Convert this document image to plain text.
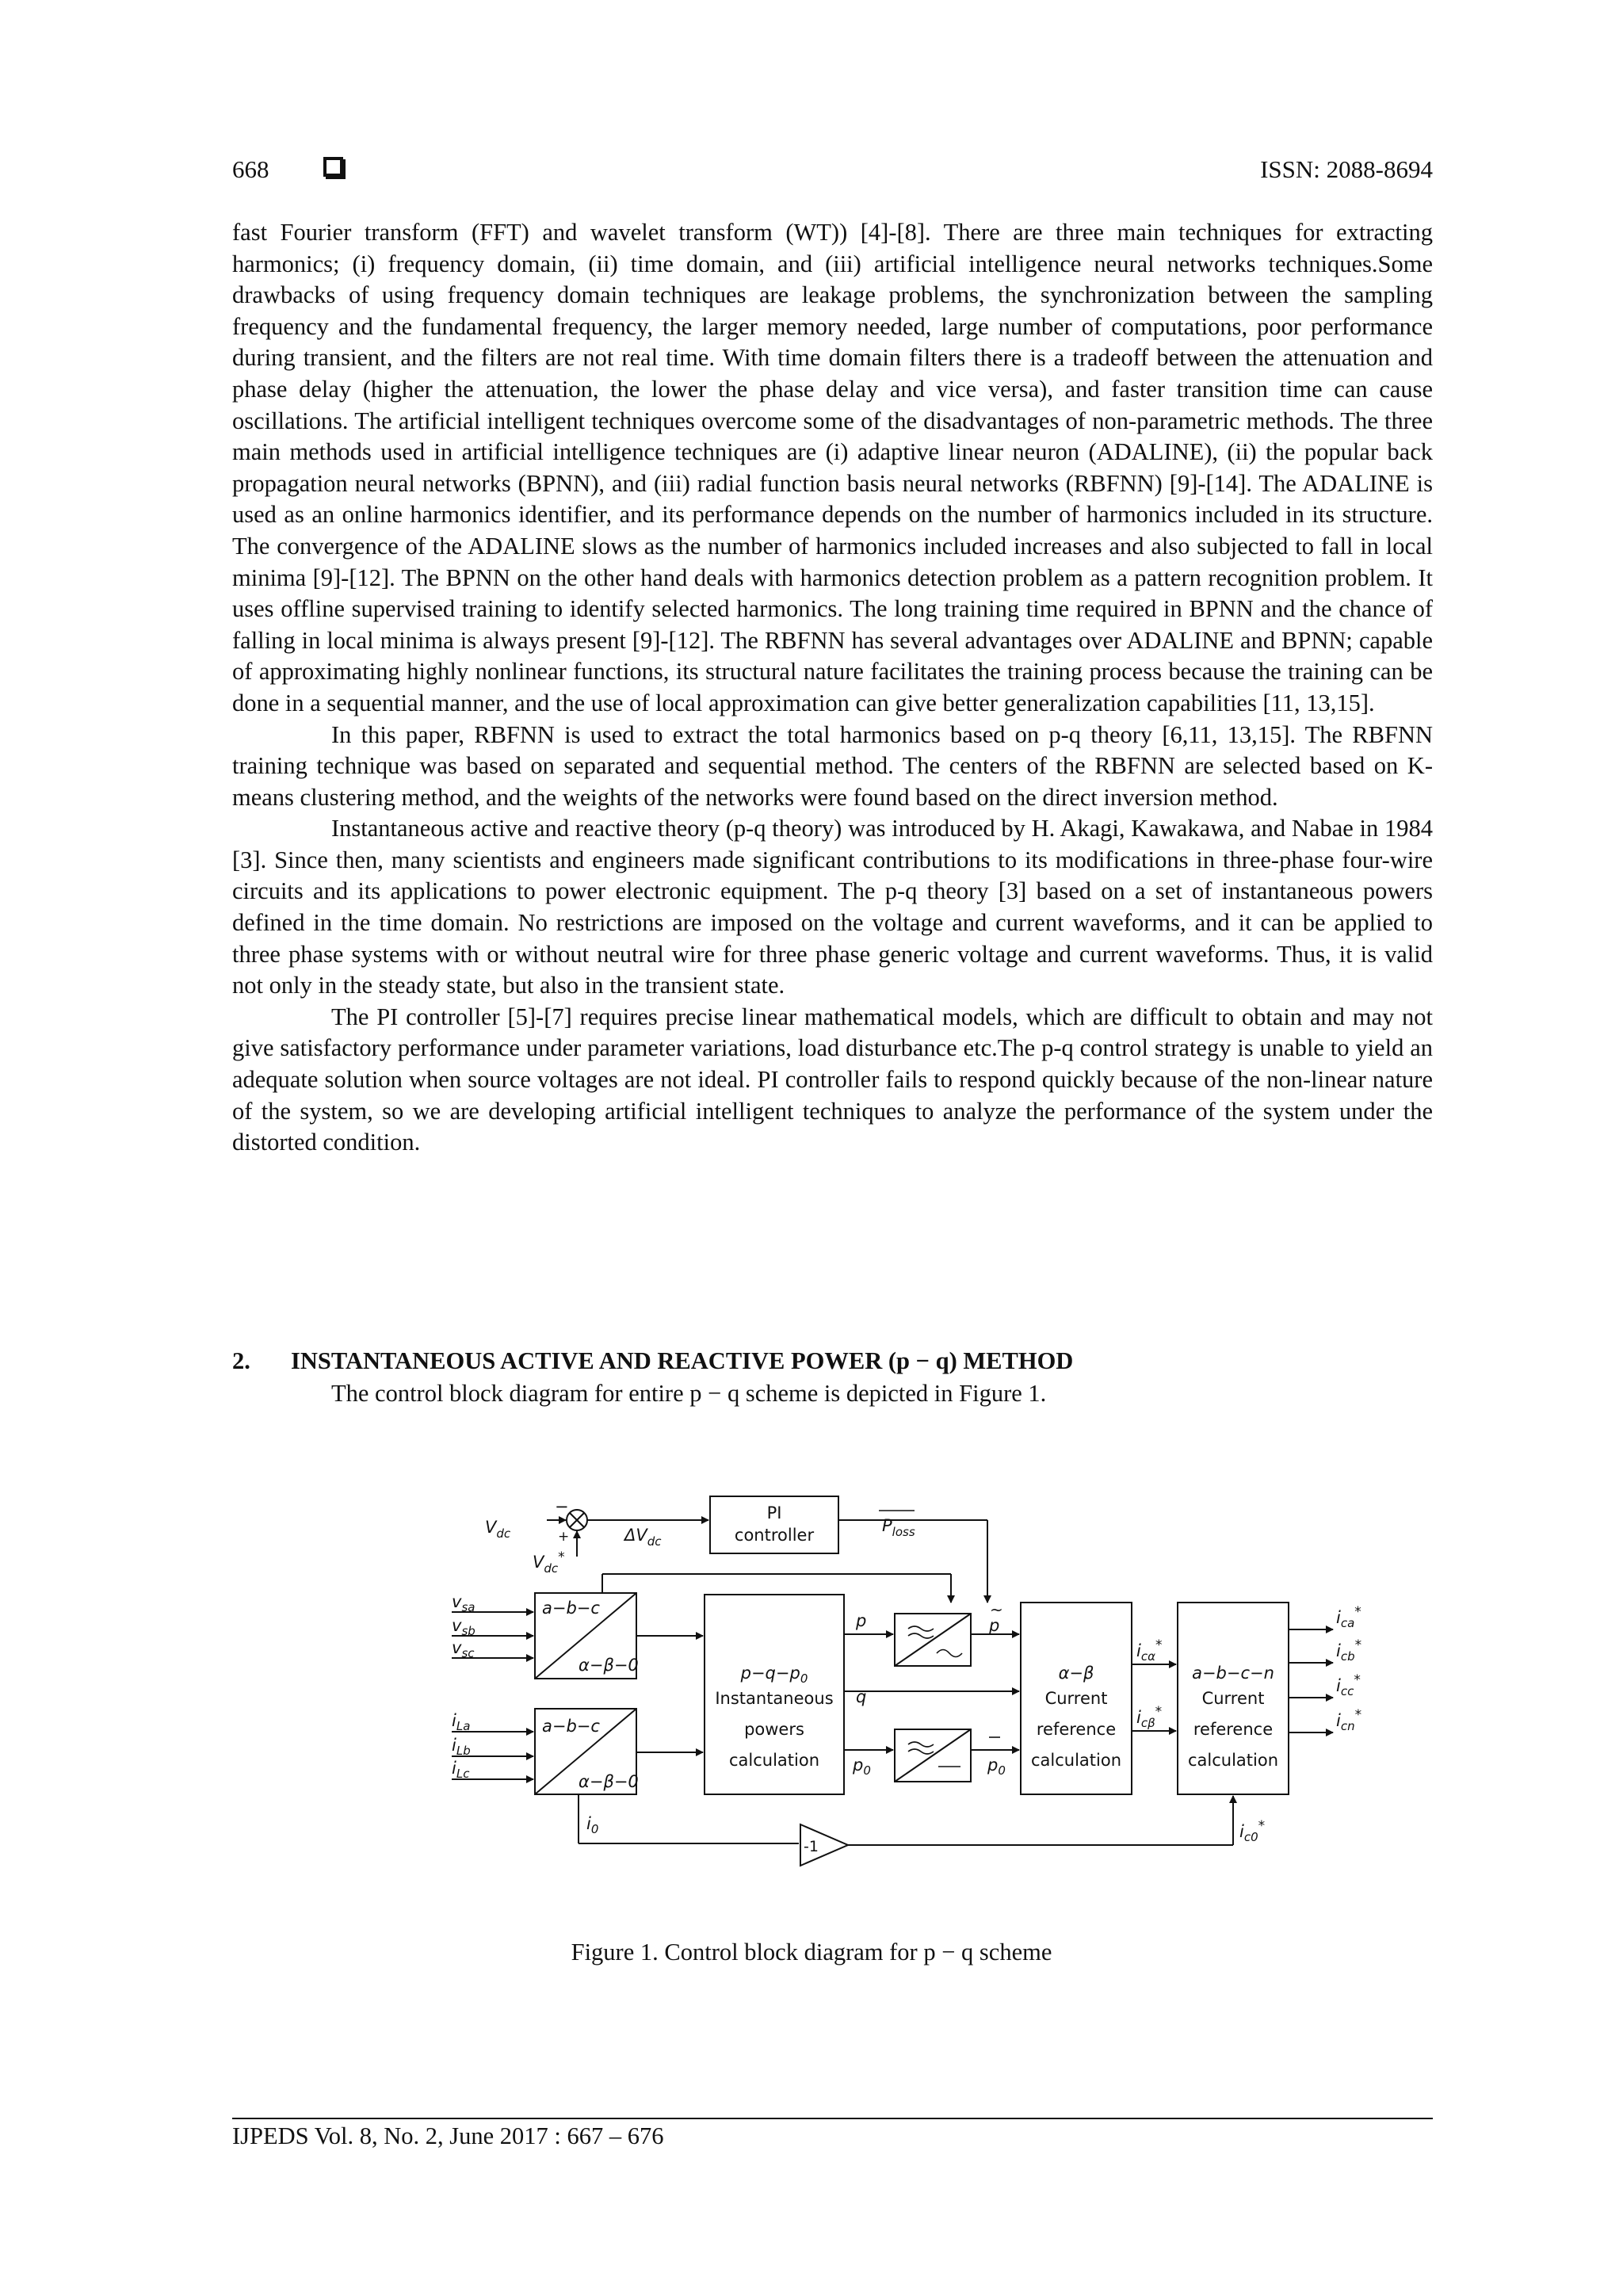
668	ISSN: 2088-8694

fast Fourier transform (FFT) and wavelet transform (WT)) [4]-[8]. There are three main techniques for extracting harmonics; (i) frequency domain, (ii) time domain, and (iii) artificial intelligence neural networks techniques.Some drawbacks of using frequency domain techniques are leakage problems, the synchronization between the sampling frequency and the fundamental frequency, the larger memory needed, large number of computations, poor performance during transient, and the filters are not real time. With time domain filters there is a tradeoff between the attenuation and phase delay (higher the attenuation, the lower the phase delay and vice versa), and faster transition time can cause oscillations. The artificial intelligent techniques overcome some of the disadvantages of non-parametric methods. The three main methods used in artificial intelligence techniques are (i) adaptive linear neuron (ADALINE), (ii) the popular back propagation neural networks (BPNN), and (iii) radial function basis neural networks (RBFNN) [9]-[14]. The ADALINE is used as an online harmonics identifier, and its performance depends on the number of harmonics included in its structure. The convergence of the ADALINE slows as the number of harmonics included increases and also subjected to fall in local minima [9]-[12]. The BPNN on the other hand deals with harmonics detection problem as a pattern recognition problem. It uses offline supervised training to identify selected harmonics. The long training time required in BPNN and the chance of falling in local minima is always present [9]-[12]. The RBFNN has several advantages over ADALINE and BPNN; capable of approximating highly nonlinear functions, its structural nature facilitates the training process because the training can be done in a sequential manner, and the use of local approximation can give better generalization capabilities [11, 13,15].

In this paper, RBFNN is used to extract the total harmonics based on p-q theory [6,11, 13,15]. The RBFNN training technique was based on separated and sequential method. The centers of the RBFNN are selected based on K-means clustering method, and the weights of the networks were found based on the direct inversion method.

Instantaneous active and reactive theory (p-q theory) was introduced by H. Akagi, Kawakawa, and Nabae in 1984 [3]. Since then, many scientists and engineers made significant contributions to its modifications in three-phase four-wire circuits and its applications to power electronic equipment. The p-q theory [3] based on a set of instantaneous powers defined in the time domain. No restrictions are imposed on the voltage and current waveforms, and it can be applied to three phase systems with or without neutral wire for three phase generic voltage and current waveforms. Thus, it is valid not only in the steady state, but also in the transient state.

The PI controller [5]-[7] requires precise linear mathematical models, which are difficult to obtain and may not give satisfactory performance under parameter variations, load disturbance etc.The p-q control strategy is unable to yield an adequate solution when source voltages are not ideal. PI controller fails to respond quickly because of the non-linear nature of the system, so we are developing artificial intelligent techniques to analyze the performance of the system under the distorted condition.

2. INSTANTANEOUS ACTIVE AND REACTIVE POWER (p − q) METHOD
The control block diagram for entire p − q scheme is depicted in Figure 1.
$V_{dc}$
−
+
$V_{dc}^*$
$\Delta V_{dc}$
PI
controller	$P_{loss}$
$v_{sa}$
$v_{sb}$
$v_{sc}$
a−b−c
α−β−0
$i_{La}$
$i_{Lb}$
$i_{Lc}$
a−b−c
α−β−0
$p-q-p_0$
Instantaneous
powers
calculation
p
q
$p_0$
p
~
$p_0$
α−β
Current
reference
calculation
$i_{c\alpha}^*$
$i_{c\beta}^*$
a−b−c−n
Current
reference
calculation
$i_{ca}^*$
$i_{cb}^*$
$i_{cc}^*$
$i_{cn}^*$
$i_0$
-1
$i_{c0}^*$
Figure 1. Control block diagram for p − q scheme
IJPEDS Vol. 8, No. 2, June 2017 : 667 – 676
